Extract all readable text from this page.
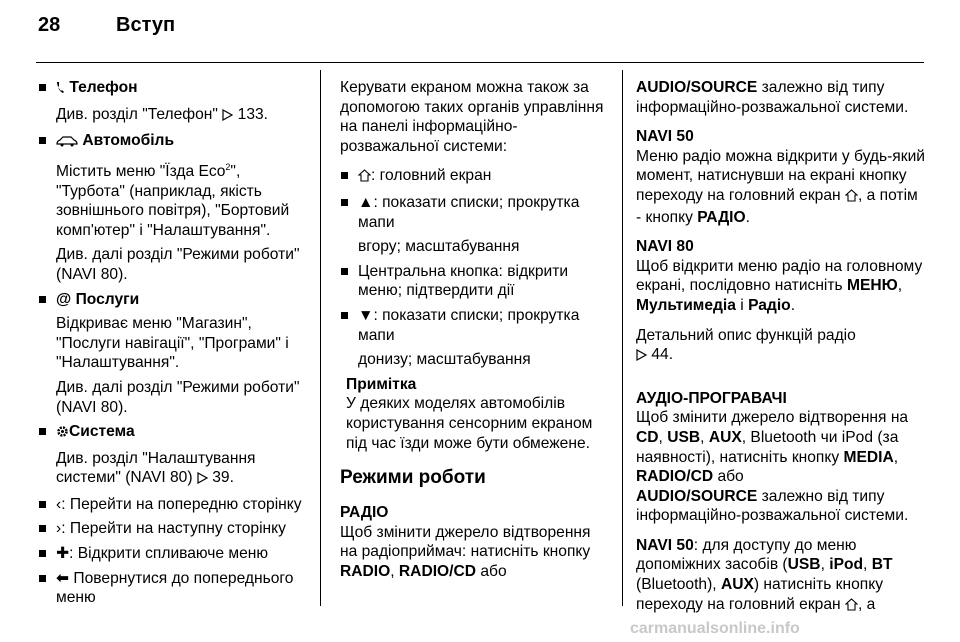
28	Вступ

Телефон

Див. розділ "Телефон" 133.

Автомобіль

Містить меню "Їзда Eco$^2$", "Турбота" (наприклад, якість зовнішнього повітря), "Бортовий комп'ютер" і "Налаштування".

Див. далі розділ "Режими роботи" (NAVI 80).

@ Послуги

Відкриває меню "Магазин", "Послуги навігації", "Програми" і "Налаштування".

Див. далі розділ "Режими роботи" (NAVI 80).

Система

Див. розділ "Налаштування системи" (NAVI 80) 39.

‹: Перейти на попередню сторінку

›: Перейти на наступну сторінку

✚: Відкрити спливаюче меню

⬅ Повернутися до попереднього меню

Керувати екраном можна також за допомогою таких органів управління на панелі інформаційно-розважальної системи:

: головний екран

▲: показати списки; прокрутка мапи

вгору; масштабування

Центральна кнопка: відкрити меню; підтвердити дії

▼: показати списки; прокрутка мапи

донизу; масштабування

Примітка

У деяких моделях автомобілів користування сенсорним екраном під час їзди може бути обмежене.

Режими роботи

РАДІО

Щоб змінити джерело відтворення на радіоприймач: натисніть кнопку RADIO, RADIO/CD або

AUDIO/SOURCE залежно від типу інформаційно-розважальної системи.

NAVI 50

Меню радіо можна відкрити у будь-який момент, натиснувши на екрані кнопку переходу на головний екран , а потім - кнопку РАДІО.

NAVI 80

Щоб відкрити меню радіо на головному екрані, послідовно натисніть МЕНЮ, Мультимедіа і Радіо.

Детальний опис функцій радіо
44.

АУДІО-ПРОГРАВАЧІ

Щоб змінити джерело відтворення на CD, USB, AUX, Bluetooth чи iPod (за наявності), натисніть кнопку MEDIA, RADIO/CD або
AUDIO/SOURCE залежно від типу інформаційно-розважальної системи.

NAVI 50: для доступу до меню допоміжних засобів (USB, iPod, BT (Bluetooth), AUX) натисніть кнопку переходу на головний екран , а

carmanualsonline.info
